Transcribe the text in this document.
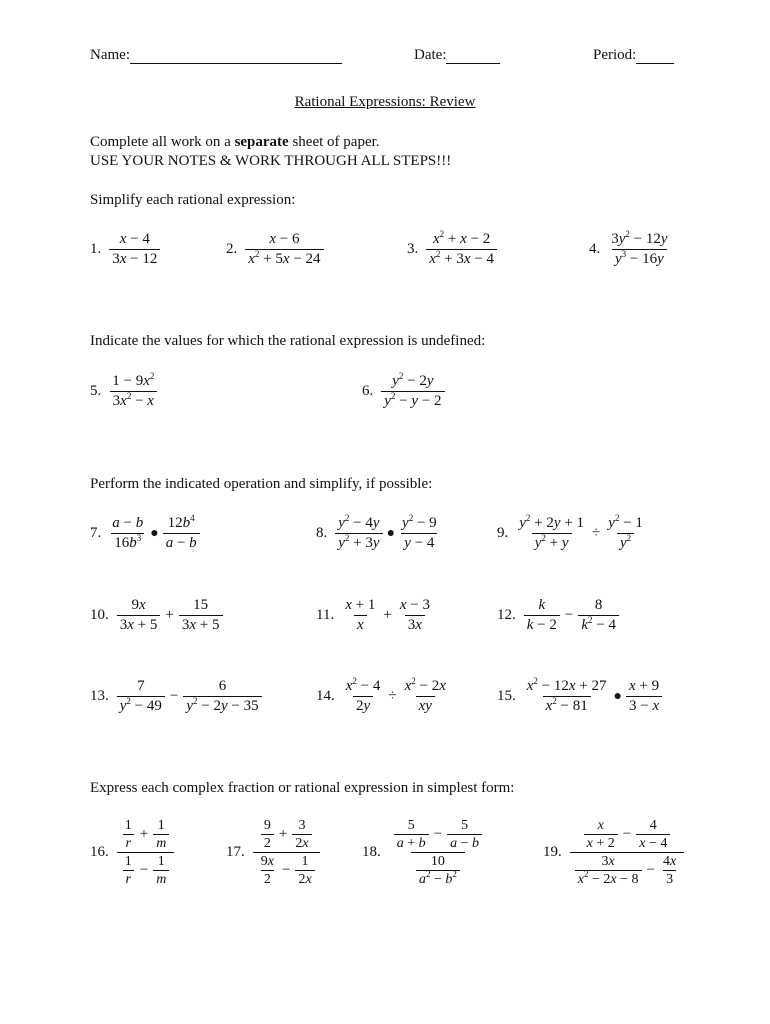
Name:	Date:	Period:
Rational Expressions: Review
Complete all work on a separate sheet of paper.
USE YOUR NOTES & WORK THROUGH ALL STEPS!!!
Simplify each rational expression:
1. $\frac{x - 4}{3x - 12}$	2. $\frac{x - 6}{x^2 + 5x - 24}$	3. $\frac{x^2 + x - 2}{x^2 + 3x - 4}$	4. $\frac{3y^2 - 12y}{y^3 - 16y}$
Indicate the values for which the rational expression is undefined:
5. $\frac{1 - 9x^2}{3x^2 - x}$	6. $\frac{y^2 - 2y}{y^2 - y - 2}$
Perform the indicated operation and simplify, if possible:
7. $\frac{a - b}{16b^3}$ ● $\frac{12b^4}{a - b}$	8. $\frac{y^2 - 4y}{y^2 + 3y}$ ● $\frac{y^2 - 9}{y - 4}$	9. $\frac{y^2 + 2y + 1}{y^2 + y} \div \frac{y^2 - 1}{y^2}$
10. $\frac{9x}{3x + 5} + \frac{15}{3x + 5}$	11. $\frac{x + 1}{x} + \frac{x - 3}{3x}$	12. $\frac{k}{k - 2} - \frac{8}{k^2 - 4}$
13. $\frac{7}{y^2 - 49} - \frac{6}{y^2 - 2y - 35}$	14. $\frac{x^2 - 4}{2y} \div \frac{x^2 - 2x}{xy}$	15. $\frac{x^2 - 12x + 27}{x^2 - 81}$ ● $\frac{x + 9}{3 - x}$
Express each complex fraction or rational expression in simplest form:
16. $\frac{\frac{1}{r} + \frac{1}{m}}{\frac{1}{r} - \frac{1}{m}}$	17. $\frac{\frac{9}{2} + \frac{3}{2x}}{\frac{9x}{2} - \frac{1}{2x}}$	18. $\frac{\frac{5}{a + b} - \frac{5}{a - b}}{\frac{10}{a^2 - b^2}}$	19. $\frac{\frac{x}{x + 2} - \frac{4}{x - 4}}{\frac{3x}{x^2 - 2x - 8} - \frac{4x}{3}}$
